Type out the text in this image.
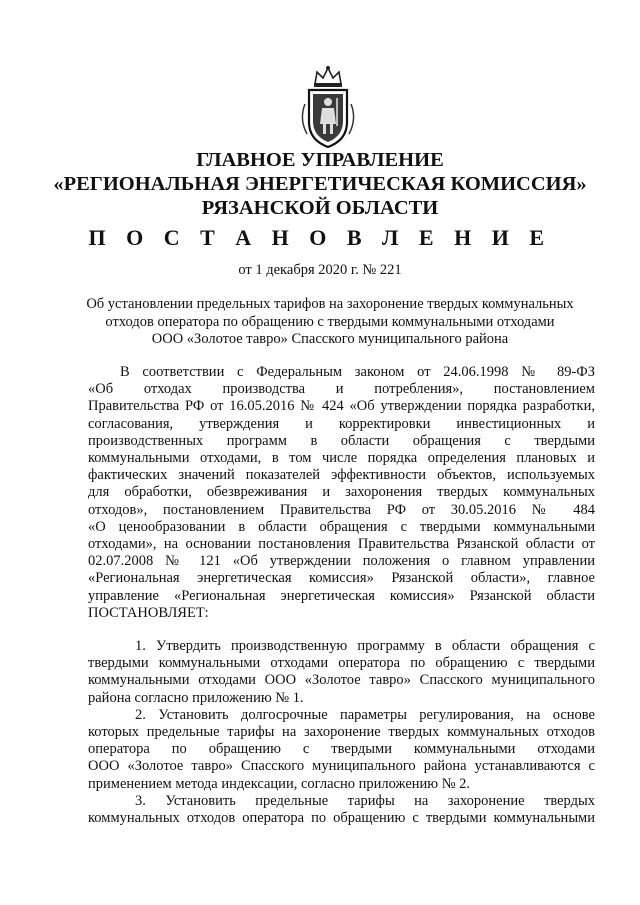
ГЛАВНОЕ УПРАВЛЕНИЕ
«РЕГИОНАЛЬНАЯ ЭНЕРГЕТИЧЕСКАЯ КОМИССИЯ»
РЯЗАНСКОЙ ОБЛАСТИ
П О С Т А Н О В Л Е Н И Е
от 1 декабря 2020 г. № 221
Об установлении предельных тарифов на захоронение твердых коммунальных
отходов оператора по обращению с твердыми коммунальными отходами
ООО «Золотое тавро» Спасского муниципального района
В соответствии с Федеральным законом от 24.06.1998 № 89-ФЗ
«Об отходах производства и потребления», постановлением
Правительства РФ от 16.05.2016 № 424 «Об утверждении порядка разработки,
согласования, утверждения и корректировки инвестиционных и
производственных программ в области обращения с твердыми
коммунальными отходами, в том числе порядка определения плановых и
фактических значений показателей эффективности объектов, используемых
для обработки, обезвреживания и захоронения твердых коммунальных
отходов», постановлением Правительства РФ от 30.05.2016 № 484
«О ценообразовании в области обращения с твердыми коммунальными
отходами», на основании постановления Правительства Рязанской области от
02.07.2008 № 121 «Об утверждении положения о главном управлении
«Региональная энергетическая комиссия» Рязанской области», главное
управление «Региональная энергетическая комиссия» Рязанской области
ПОСТАНОВЛЯЕТ:
1. Утвердить производственную программу в области обращения с
твердыми коммунальными отходами оператора по обращению с твердыми
коммунальными отходами ООО «Золотое тавро» Спасского муниципального
района согласно приложению № 1.
2. Установить долгосрочные параметры регулирования, на основе
которых предельные тарифы на захоронение твердых коммунальных отходов
оператора по обращению с твердыми коммунальными отходами
ООО «Золотое тавро» Спасского муниципального района устанавливаются с
применением метода индексации, согласно приложению № 2.
3. Установить предельные тарифы на захоронение твердых
коммунальных отходов оператора по обращению с твердыми коммунальными
